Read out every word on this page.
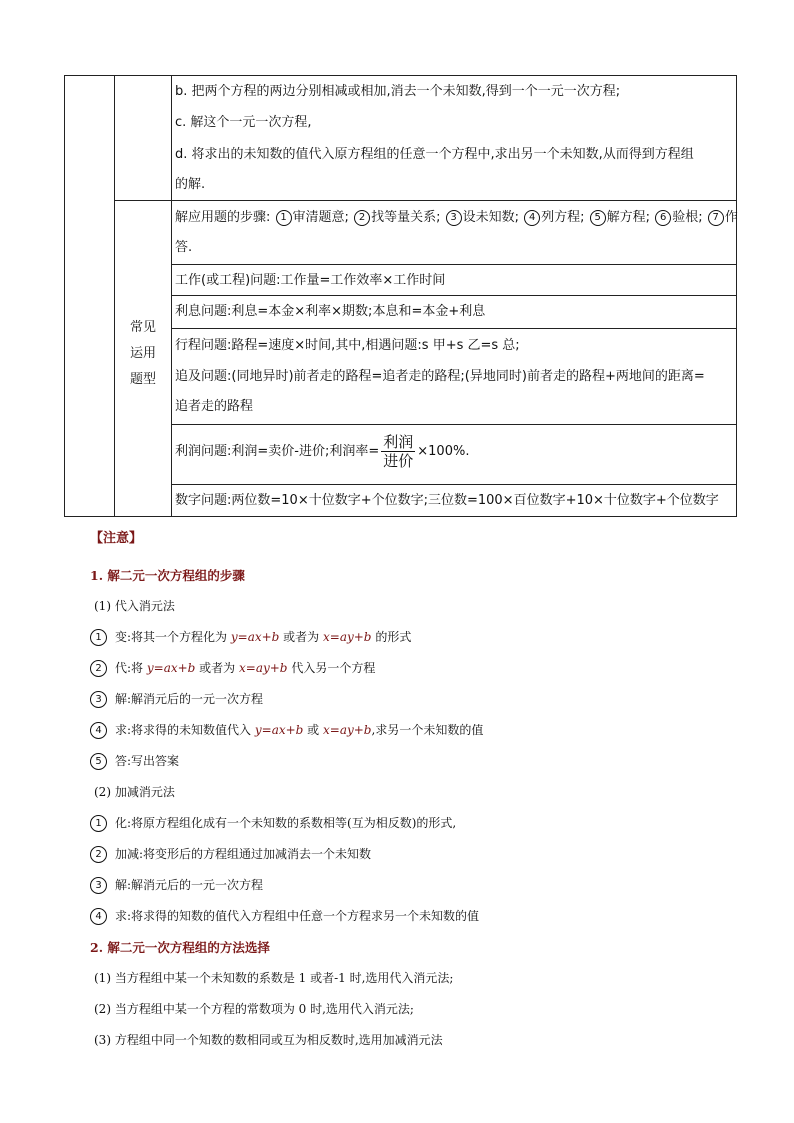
b. 把两个方程的两边分别相减或相加,消去一个未知数,得到一个一元一次方程;
c. 解这个一元一次方程,
d. 将求出的未知数的值代入原方程组的任意一个方程中,求出另一个未知数,从而得到方程组
的解.
常见
运用
题型
解应用题的步骤: 1 审清题意; 2 找等量关系; 3 设未知数; 4 列方程; 5 解方程; 6 验根; 7 作
答.
工作(或工程)问题:工作量=工作效率×工作时间
利息问题:利息=本金×利率×期数;本息和=本金+利息
行程问题:路程=速度×时间,其中,相遇问题:s 甲+s 乙=s 总;
追及问题:(同地异时)前者走的路程=追者走的路程;(异地同时)前者走的路程+两地间的距离=
追者走的路程
利润问题:利润=卖价-进价;利润率= $\frac{\text{利润}}{\text{进价}} \times 100\%$.
数字问题:两位数=10×十位数字+个位数字;三位数=100×百位数字+10×十位数字+个位数字
【注意】
1. 解二元一次方程组的步骤
(1) 代入消元法
1 变:将其一个方程化为 y=ax+b 或者为 x=ay+b 的形式
2 代:将 y=ax+b 或者为 x=ay+b 代入另一个方程
3 解:解消元后的一元一次方程
4 求:将求得的未知数值代入 y=ax+b 或 x=ay+b,求另一个未知数的值
5 答:写出答案
(2) 加减消元法
1 化:将原方程组化成有一个未知数的系数相等(互为相反数)的形式,
2 加减:将变形后的方程组通过加减消去一个未知数
3 解:解消元后的一元一次方程
4 求:将求得的知数的值代入方程组中任意一个方程求另一个未知数的值
2. 解二元一次方程组的方法选择
(1) 当方程组中某一个未知数的系数是 1 或者-1 时,选用代入消元法;
(2) 当方程组中某一个方程的常数项为 0 时,选用代入消元法;
(3) 方程组中同一个知数的数相同或互为相反数时,选用加减消元法
